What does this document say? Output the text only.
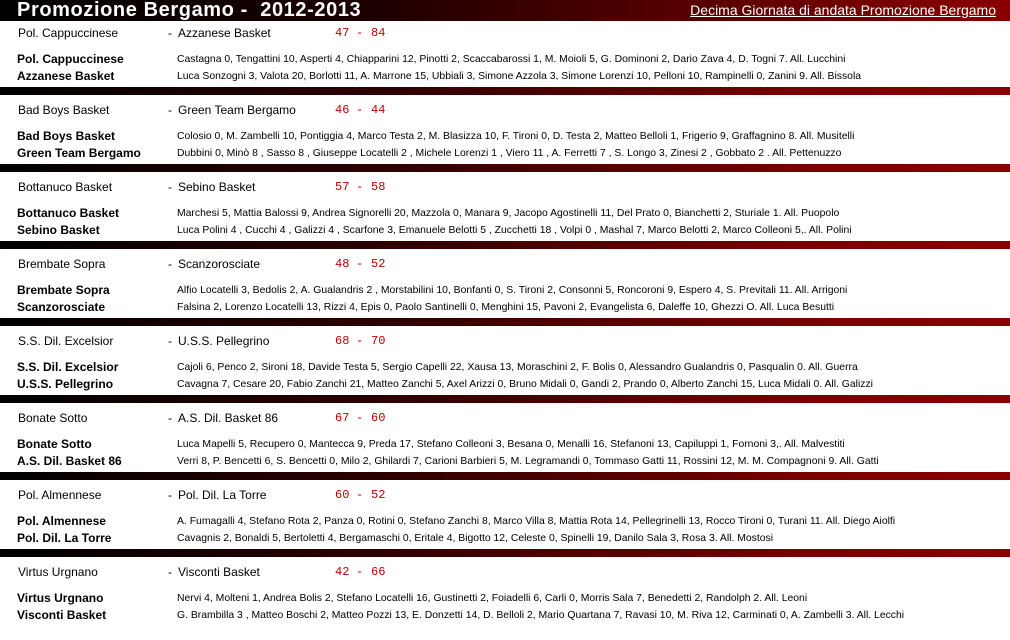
Promozione Bergamo -  2012-2013	Decima Giornata di andata Promozione Bergamo
Pol. Cappuccinese	- Azzanese Basket	47 - 84
Pol. Cappuccinese	Castagna 0, Tengattini 10, Asperti 4, Chiapparini 12, Pinotti 2, Scaccabarossi 1, M. Moioli 5, G. Dominoni 2, Dario Zava 4, D. Togni 7. All. Lucchini
Azzanese Basket	Luca Sonzogni 3, Valota 20, Borlotti 11, A. Marrone 15, Ubbiali 3, Simone Azzola 3, Simone Lorenzi 10, Pelloni 10, Rampinelli 0, Zanini 9. All. Bissola
Bad Boys Basket	- Green Team Bergamo	46 - 44
Bad Boys Basket	Colosio 0, M. Zambelli 10, Pontiggia 4, Marco Testa 2, M. Blasizza 10, F. Tironi 0, D. Testa 2, Matteo Belloli 1, Frigerio 9, Graffagnino 8. All. Musitelli
Green Team Bergamo	Dubbini 0, Minò 8 , Sasso 8 , Giuseppe Locatelli 2 , Michele Lorenzi 1 , Viero 11 , A. Ferretti 7 , S. Longo 3, Zinesi 2 , Gobbato 2 . All. Pettenuzzo
Bottanuco Basket	- Sebino Basket	57 - 58
Bottanuco Basket	Marchesi 5, Mattia Balossi 9, Andrea Signorelli 20, Mazzola 0, Manara 9, Jacopo Agostinelli 11, Del Prato 0, Bianchetti 2, Sturiale 1. All. Puopolo
Sebino Basket	Luca Polini 4 , Cucchi 4 , Galizzi 4 , Scarfone 3, Emanuele Belotti 5 , Zucchetti 18 , Volpi 0 , Mashal 7, Marco Belotti 2, Marco Colleoni 5,. All. Polini
Brembate Sopra	- Scanzorosciate	48 - 52
Brembate Sopra	Alfio Locatelli 3, Bedolis 2, A. Gualandris 2 , Morstabilini 10, Bonfanti 0, S. Tironi 2, Consonni 5, Roncoroni 9, Espero 4, S. Previtali 11. All. Arrigoni
Scanzorosciate	Falsina 2, Lorenzo Locatelli 13, Rizzi 4, Epis 0, Paolo Santinelli 0, Menghini 15, Pavoni 2, Evangelista 6, Daleffe 10, Ghezzi O. All. Luca Besutti
S.S. Dil. Excelsior	- U.S.S. Pellegrino	68 - 70
S.S. Dil. Excelsior	Cajoli 6, Penco 2, Sironi 18, Davide Testa 5, Sergio Capelli 22, Xausa 13, Moraschini 2, F. Bolis 0, Alessandro Gualandris 0, Pasqualin 0. All. Guerra
U.S.S. Pellegrino	Cavagna 7, Cesare 20, Fabio Zanchi 21, Matteo Zanchi 5, Axel Arizzi 0, Bruno Midali 0, Gandi 2, Prando 0, Alberto Zanchi 15, Luca Midali 0. All. Galizzi
Bonate Sotto	- A.S. Dil. Basket 86	67 - 60
Bonate Sotto	Luca Mapelli 5, Recupero 0, Mantecca 9, Preda 17, Stefano Colleoni 3, Besana 0, Menalli 16, Stefanoni 13, Capiluppi 1, Fornoni 3,. All. Malvestiti
A.S. Dil. Basket 86	Verri 8, P. Bencetti 6, S. Bencetti 0, Milo 2, Ghilardi 7, Carioni Barbieri 5, M. Legramandi 0, Tommaso Gatti 11, Rossini 12, M. M. Compagnoni 9. All. Gatti
Pol. Almennese	- Pol. Dil. La Torre	60 - 52
Pol. Almennese	A. Fumagalli 4, Stefano Rota 2, Panza 0, Rotini 0, Stefano Zanchi 8, Marco Villa 8, Mattia Rota 14, Pellegrinelli 13, Rocco Tironi 0, Turani 11. All. Diego Aiolfi
Pol. Dil. La Torre	Cavagnis 2, Bonaldi 5, Bertoletti 4, Bergamaschi 0, Eritale 4, Bigotto 12, Celeste 0, Spinelli 19, Danilo Sala 3, Rosa 3. All. Mostosi
Virtus Urgnano	- Visconti Basket	42 - 66
Virtus Urgnano	Nervi 4, Molteni 1, Andrea Bolis 2, Stefano Locatelli 16, Gustinetti 2, Foiadelli 6, Carli 0, Morris Sala 7, Benedetti 2, Randolph 2. All. Leoni
Visconti Basket	G. Brambilla 3 , Matteo Boschi 2, Matteo Pozzi 13, E. Donzetti 14, D. Belloli 2, Mario Quartana 7, Ravasi 10, M. Riva 12, Carminati 0, A. Zambelli 3. All. Lecchi
